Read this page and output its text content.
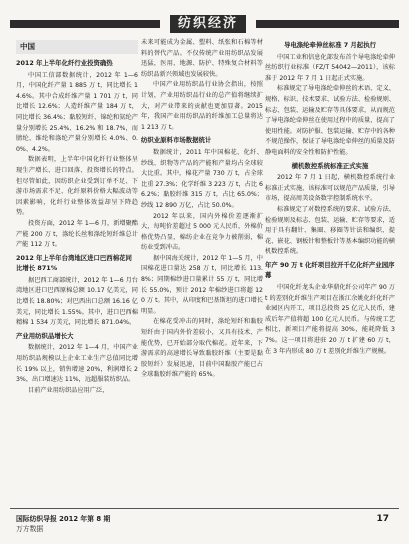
纺织经济
中国
2012 年上半年化纤行业投资确热

中国工信部数据统计，2012 年 1—6 月，中国化纤产量 1 885 万 t，同比增长 14.6%。其中合成纤维产量 1 701 万 t，同比增长 12.6%；人造纤维产量 184 万 t，同比增长 36.4%；黏胶短纤、锦纶和氨纶产量分别增长 25.4%、16.2% 和 18.7%，而腈纶、维纶和涤纶产量分别增长 4.0%、0.0%、4.2%。

数据表明，上半年中国化纤行业整体呈现生产增长、进口回落、投资增长的特点。但尽管如此，因纺织企业受到订单不足、下游市场需求不足、化纤原料价格大幅波动等因素影响，化纤行业整体效益却呈下降趋势。

投资方面，2012 年 1—6 月，新增聚酯产能 200 万 t，涤纶长丝和涤纶短纤维总计产能 112 万 t。

2012 年上半年台湾地区进口巴西棉花同比增长 871%

据巴西工商部统计，2012 年 1—6 月台湾地区进口巴西原棉总额 10.17 亿美元，同比增长 18.80%；对巴西出口总额 16.16 亿美元，同比增长 1.55%。其中，进口巴西棉精棉 1 534 万美元，同比增长 871.04%。

产业用纺织品增长大

数据统计，2012 年 1—4 月，中国产业用纺织品规模以上企业工业生产总值同比增长 19% 以上，销售增速 20%，利润增长 23%，出口增速达 11%，远超服装纺织品。

目前产业用纺织品应用广泛，

未来可能成为金属、塑料、纸张和石棉等材料的替代产品。不仅传统产业用纺织品发展迅猛，医用、地源、防护、特殊复合材料等纺织品新兴领域也发展较快。

中国产业用纺织品行业协会指出，按照计划，产业用纺织品行业的总产值将继续扩大，对产业带来的贡献也更加显著。2015 年，我国产业用纺织品的纤维加工总量将达 1 213 万 t。

纺织业原料市场数据统计

数据统计，2011 年中国棉花、化纤、纱线、织物等产品的产能和产量均占全球较大比重。其中，棉花产量 730 万 t，占全球比重 27.3%；化学纤维 3 223 万 t，占比 66.2%；黏胶纤维 315 万 t，占比 65.0%；纱线 12 890 万亿，占比 50.0%。

2012 年以来，国内外棉价差逐渐扩大，每吨价差超过 5 000 元人民币，外棉价格优势凸显，棉纺企业在竞争力被削弱，棉纺业受到冲击。

据中国海关统计，2012 年 1—5 月，中国棉花进口量达 258 万 t，同比增长 113.8%；同期棉纱进口量累计 55 万 t，同比增长 55.0%，预计 2012 年棉纱进口将超 120 万 t。其中，从印度和巴基斯坦的进口增长明显。

在棉花受冲击的同时，涤纶短纤和黏胶短纤由于国内外价差较小，又具有技术、产能优势，已开始部分取代棉花。近年来，下游需求的高速增长导致黏胶纤维（主要是黏胶短纤）发展迅速，目前中国黏胶产能已占全球黏胶纤维产能的 65%。

导电涤纶牵伸丝标准 7 月起执行

中国工业和信息化部发布首个导电涤纶牵伸丝纺织行业标准（FZ/T 54042—2011），该标准于 2012 年 7 月 1 日起正式实施。

标准规定了导电涤纶牵伸丝的术语、定义、规格、标识、技术要求、试验方法、检验规则、标志、包装、运输及贮存等具体要求，从而规范了导电涤纶牵伸丝在使用过程中的质量，提高了使用性能。对防护服、包装运输、贮存中的各种不规范操作，保证了导电涤纶牵伸丝的质量及防静电面料的安全性和防护性能。

横机数控系统标准正式实施

2012 年 7 月 1 日起，横机数控系统行业标准正式实施，该标准可以规范产品质量，引导市场，提高周美设备数字控制系统水平。

标准规定了对数控系统的要求、试验方法、检验规则及标志、包装、运输、贮存等要求，适用于具有翻针、集圈、移圈等针法和编织、提花、嵌花、钢板针和整板针等基本编织功能的横机数控系统。

年产 90 万 t 化纤项目拉开千亿化纤产业园序幕

中国化纤龙头企业华鼎化纤公司年产 90 万 t 的差别化纤维生产项目在浙江余姚化纤化纤产业园区内开工，项目总投资 25 亿元人民币，建成后年产值将超 100 亿元人民币。与传统工艺相比，新项目产能将提高 30%，能耗降低 37%。这一项目将进驻 20 万 t 扩建 60 万 t，在 3 年内形成 80 万 t 差别化纤维生产规模。

国际纺织导报 2012 年第 8 期
万方数据
17
